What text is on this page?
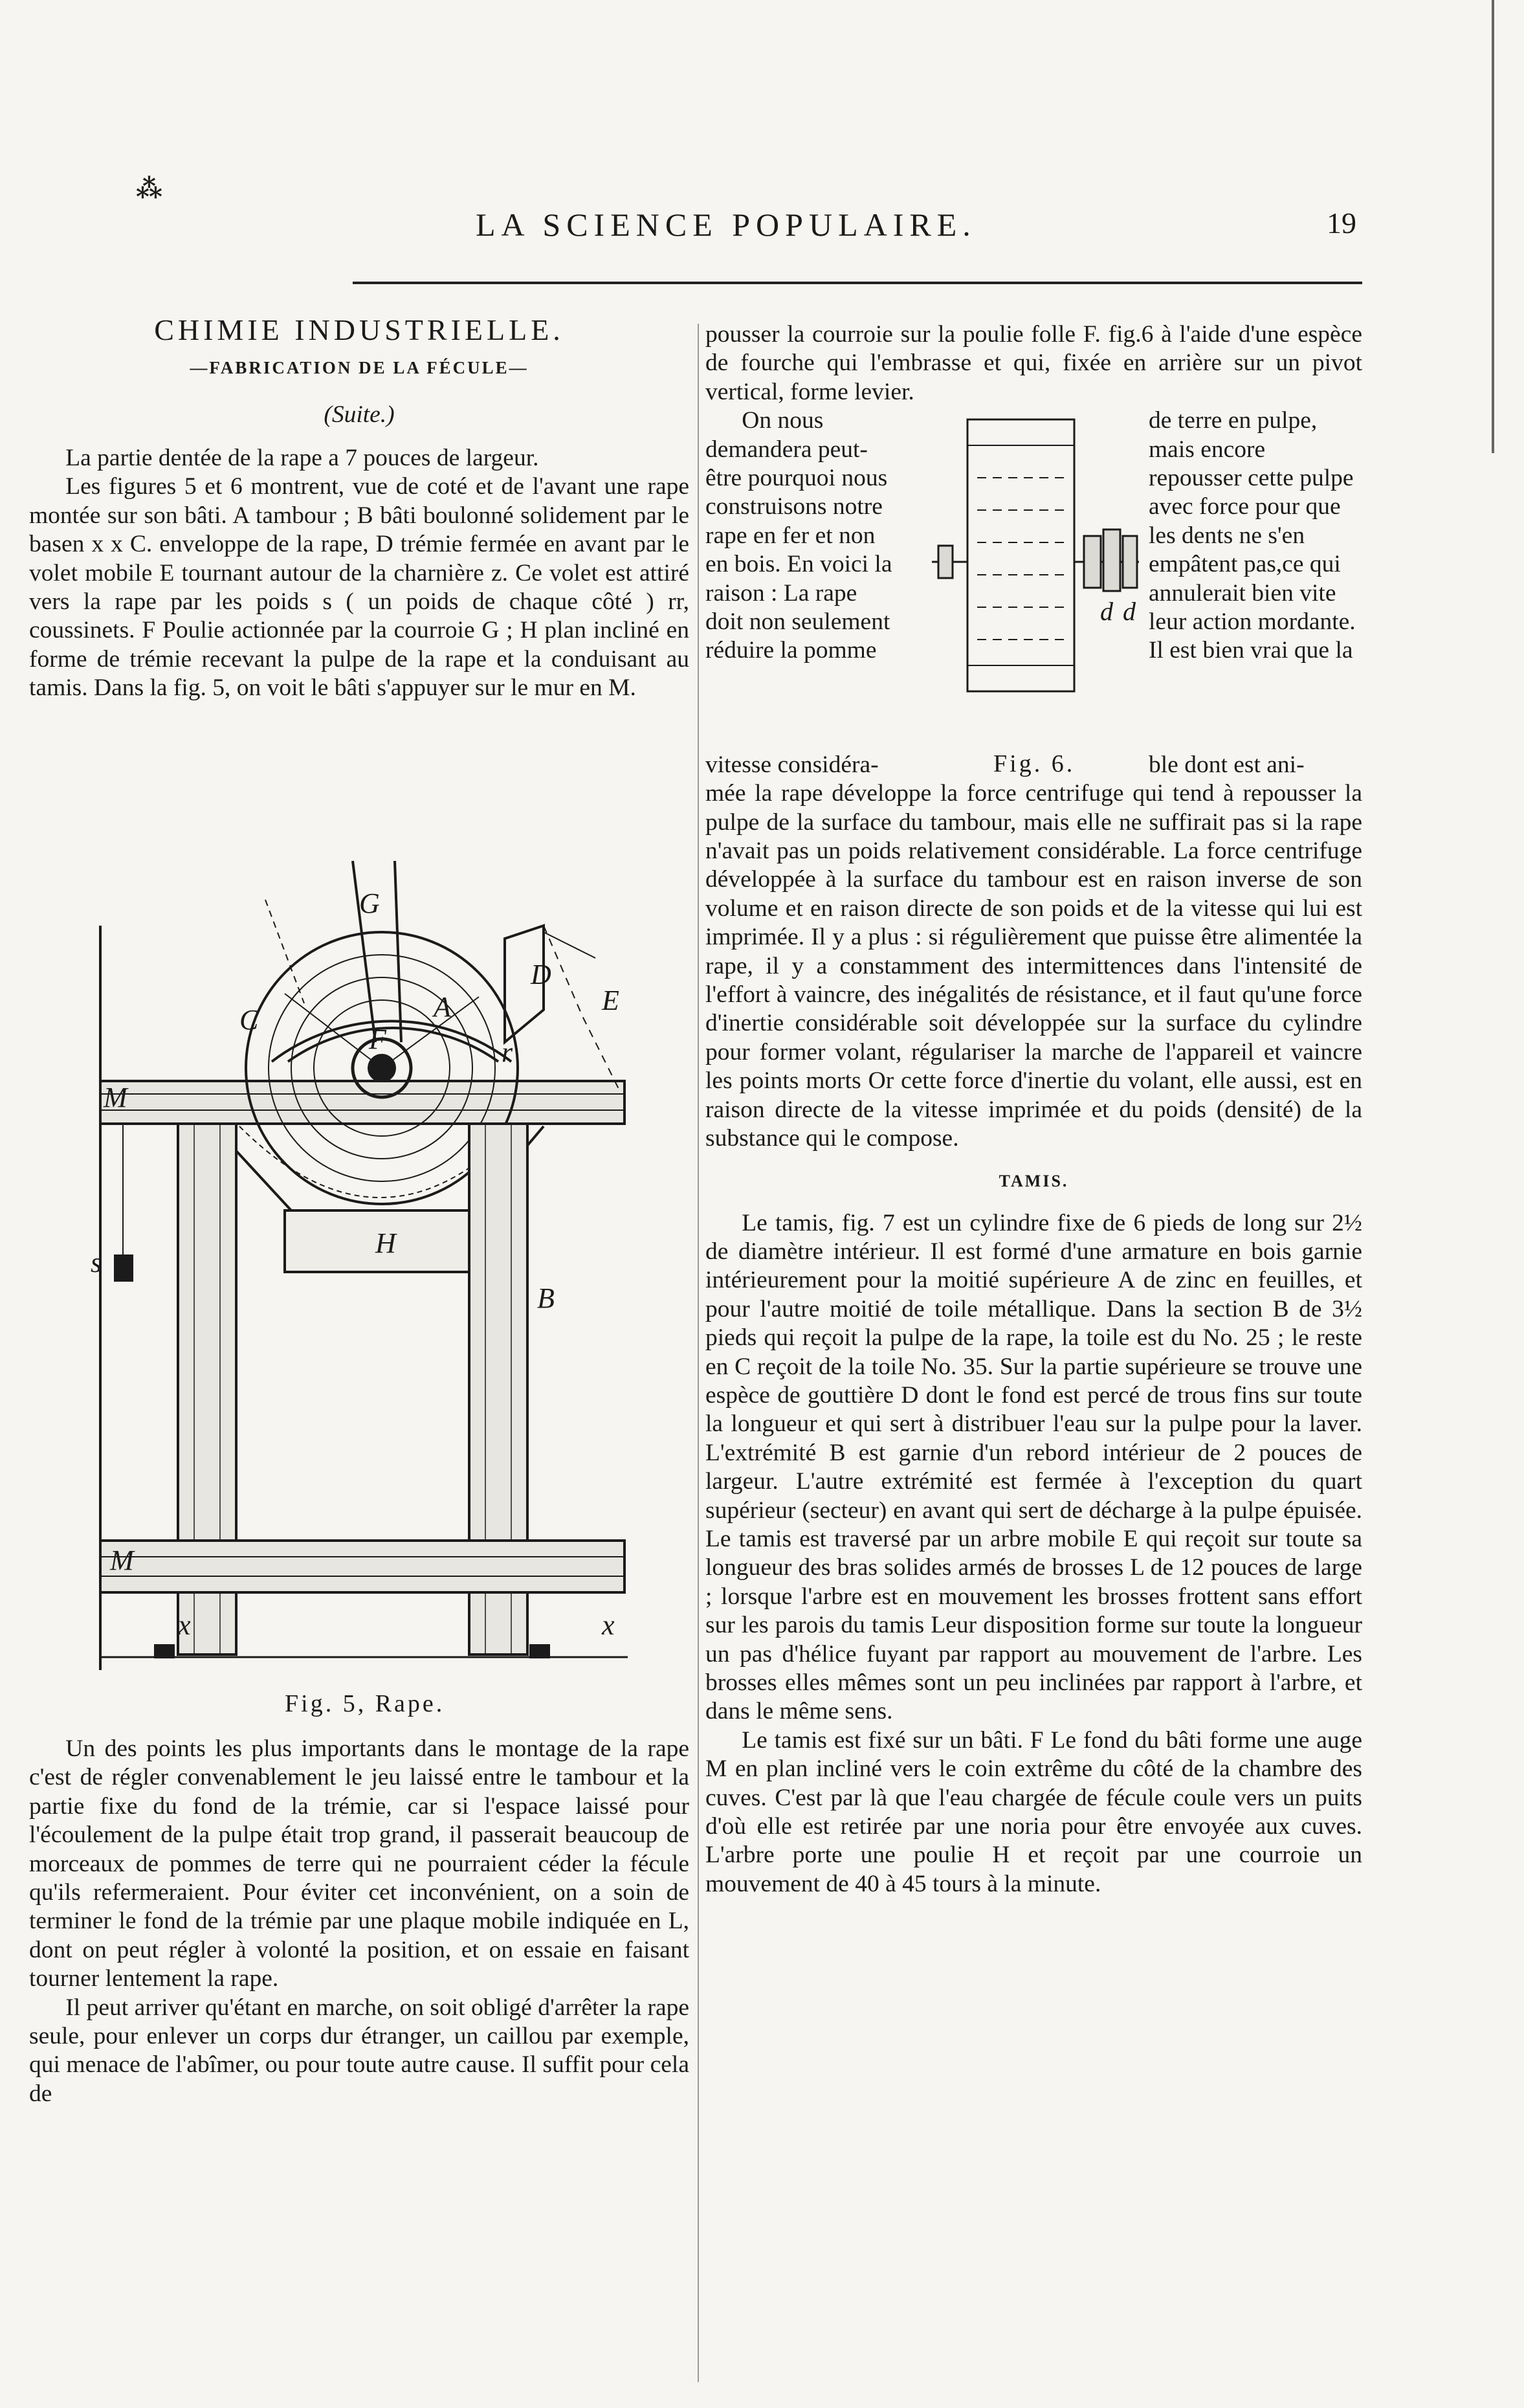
⁂
LA SCIENCE POPULAIRE.	19
CHIMIE INDUSTRIELLE.
—FABRICATION DE LA FÉCULE—
(Suite.)

La partie dentée de la rape a 7 pouces de largeur.

Les figures 5 et 6 montrent, vue de coté et de l'avant une rape montée sur son bâti. A tambour ; B bâti boulonné solidement par le basen x x C. enveloppe de la rape, D trémie fermée en avant par le volet mobile E tournant autour de la charnière z. Ce volet est attiré vers la rape par les poids s ( un poids de chaque côté ) rr, coussinets. F Poulie actionnée par la courroie G ; H plan incliné en forme de trémie recevant la pulpe de la rape et la conduisant au tamis. Dans la fig. 5, on voit le bâti s'appuyer sur le mur en M.

G
D
E
C
F
A
r
M
H
s
B
M
x	x
Fig. 5, Rape.

Un des points les plus importants dans le montage de la rape c'est de régler convenablement le jeu laissé entre le tambour et la partie fixe du fond de la trémie, car si l'espace laissé pour l'écoulement de la pulpe était trop grand, il passerait beaucoup de morceaux de pommes de terre qui ne pourraient céder la fécule qu'ils refermeraient. Pour éviter cet inconvénient, on a soin de terminer le fond de la trémie par une plaque mobile indiquée en L, dont on peut régler à volonté la position, et on essaie en faisant tourner lentement la rape.

Il peut arriver qu'étant en marche, on soit obligé d'arrêter la rape seule, pour enlever un corps dur étranger, un caillou par exemple, qui menace de l'abîmer, ou pour toute autre cause. Il suffit pour cela de

pousser la courroie sur la poulie folle F. fig.6 à l'aide d'une espèce de fourche qui l'embrasse et qui, fixée en arrière sur un pivot vertical, forme levier.

On nous demandera peut-être pourquoi nous construisons notre rape en fer et non en bois. En voici la raison : La rape doit non seulement réduire la pomme
de terre en pulpe, mais encore repousser cette pulpe avec force pour que les dents ne s'en empâtent pas,ce qui annulerait bien vite leur action mordante. Il est bien vrai que la
d d
vitesse considéra-	Fig. 6.	ble dont est ani-

mée la rape développe la force centrifuge qui tend à repousser la pulpe de la surface du tambour, mais elle ne suffirait pas si la rape n'avait pas un poids relativement considérable. La force centrifuge développée à la surface du tambour est en raison inverse de son volume et en raison directe de son poids et de la vitesse qui lui est imprimée. Il y a plus : si régulièrement que puisse être alimentée la rape, il y a constamment des intermittences dans l'intensité de l'effort à vaincre, des inégalités de résistance, et il faut qu'une force d'inertie considérable soit développée sur la surface du cylindre pour former volant, régulariser la marche de l'appareil et vaincre les points morts Or cette force d'inertie du volant, elle aussi, est en raison directe de la vitesse imprimée et du poids (densité) de la substance qui le compose.

TAMIS.

Le tamis, fig. 7 est un cylindre fixe de 6 pieds de long sur 2½ de diamètre intérieur. Il est formé d'une armature en bois garnie intérieurement pour la moitié supérieure A de zinc en feuilles, et pour l'autre moitié de toile métallique. Dans la section B de 3½ pieds qui reçoit la pulpe de la rape, la toile est du No. 25 ; le reste en C reçoit de la toile No. 35. Sur la partie supérieure se trouve une espèce de gouttière D dont le fond est percé de trous fins sur toute la longueur et qui sert à distribuer l'eau sur la pulpe pour la laver. L'extrémité B est garnie d'un rebord intérieur de 2 pouces de largeur. L'autre extrémité est fermée à l'exception du quart supérieur (secteur) en avant qui sert de décharge à la pulpe épuisée. Le tamis est traversé par un arbre mobile E qui reçoit sur toute sa longueur des bras solides armés de brosses L de 12 pouces de large ; lorsque l'arbre est en mouvement les brosses frottent sans effort sur les parois du tamis Leur disposition forme sur toute la longueur un pas d'hélice fuyant par rapport au mouvement de l'arbre. Les brosses elles mêmes sont un peu inclinées par rapport à l'arbre, et dans le même sens.

Le tamis est fixé sur un bâti. F Le fond du bâti forme une auge M en plan incliné vers le coin extrême du côté de la chambre des cuves. C'est par là que l'eau chargée de fécule coule vers un puits d'où elle est retirée par une noria pour être envoyée aux cuves. L'arbre porte une poulie H et reçoit par une courroie un mouvement de 40 à 45 tours à la minute.
